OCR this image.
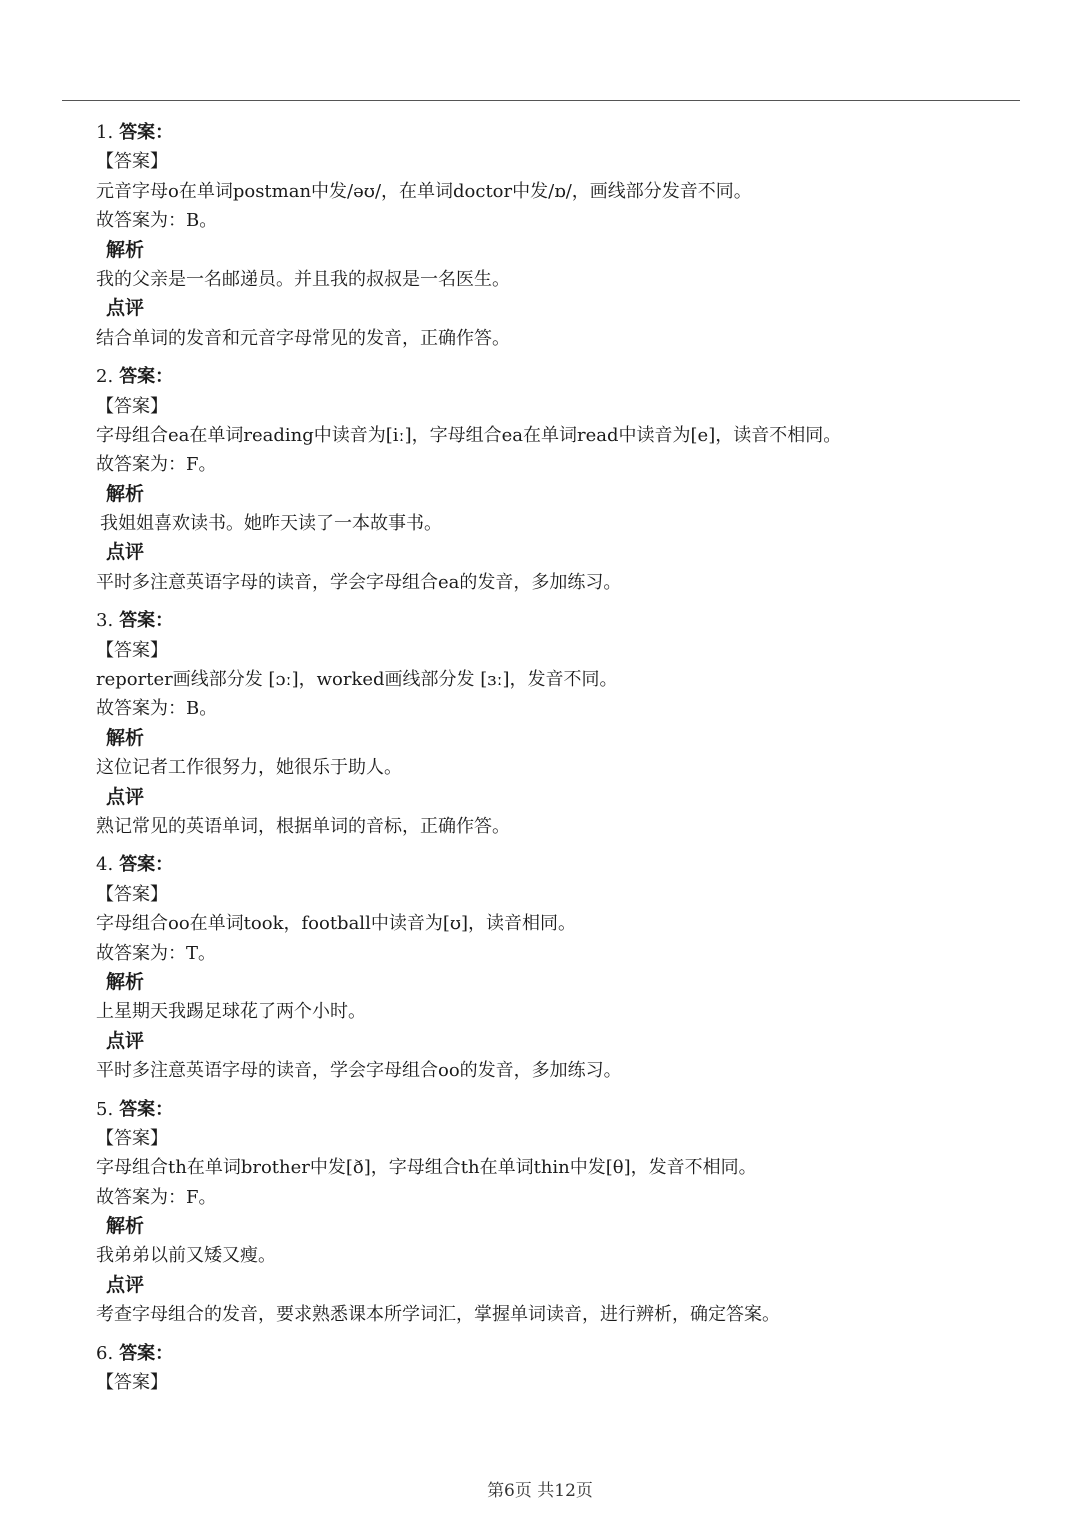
1. 答案：
【答案】
元音字母o在单词postman中发/əʊ/，在单词doctor中发/ɒ/，画线部分发音不同。
故答案为：B。
解析
我的父亲是一名邮递员。并且我的叔叔是一名医生。
点评
结合单词的发音和元音字母常见的发音，正确作答。
2. 答案：
【答案】
字母组合ea在单词reading中读音为[iː]，字母组合ea在单词read中读音为[e]，读音不相同。
故答案为：F。
解析
我姐姐喜欢读书。她昨天读了一本故事书。
点评
平时多注意英语字母的读音，学会字母组合ea的发音，多加练习。
3. 答案：
【答案】
reporter画线部分发 [ɔː]，worked画线部分发 [ɜː]，发音不同。
故答案为：B。
解析
这位记者工作很努力，她很乐于助人。
点评
熟记常见的英语单词，根据单词的音标，正确作答。
4. 答案：
【答案】
字母组合oo在单词took，football中读音为[ʊ]，读音相同。
故答案为：T。
解析
上星期天我踢足球花了两个小时。
点评
平时多注意英语字母的读音，学会字母组合oo的发音，多加练习。
5. 答案：
【答案】
字母组合th在单词brother中发[ð]，字母组合th在单词thin中发[θ]，发音不相同。
故答案为：F。
解析
我弟弟以前又矮又瘦。
点评
考查字母组合的发音，要求熟悉课本所学词汇，掌握单词读音，进行辨析，确定答案。
6. 答案：
【答案】
第6页 共12页
